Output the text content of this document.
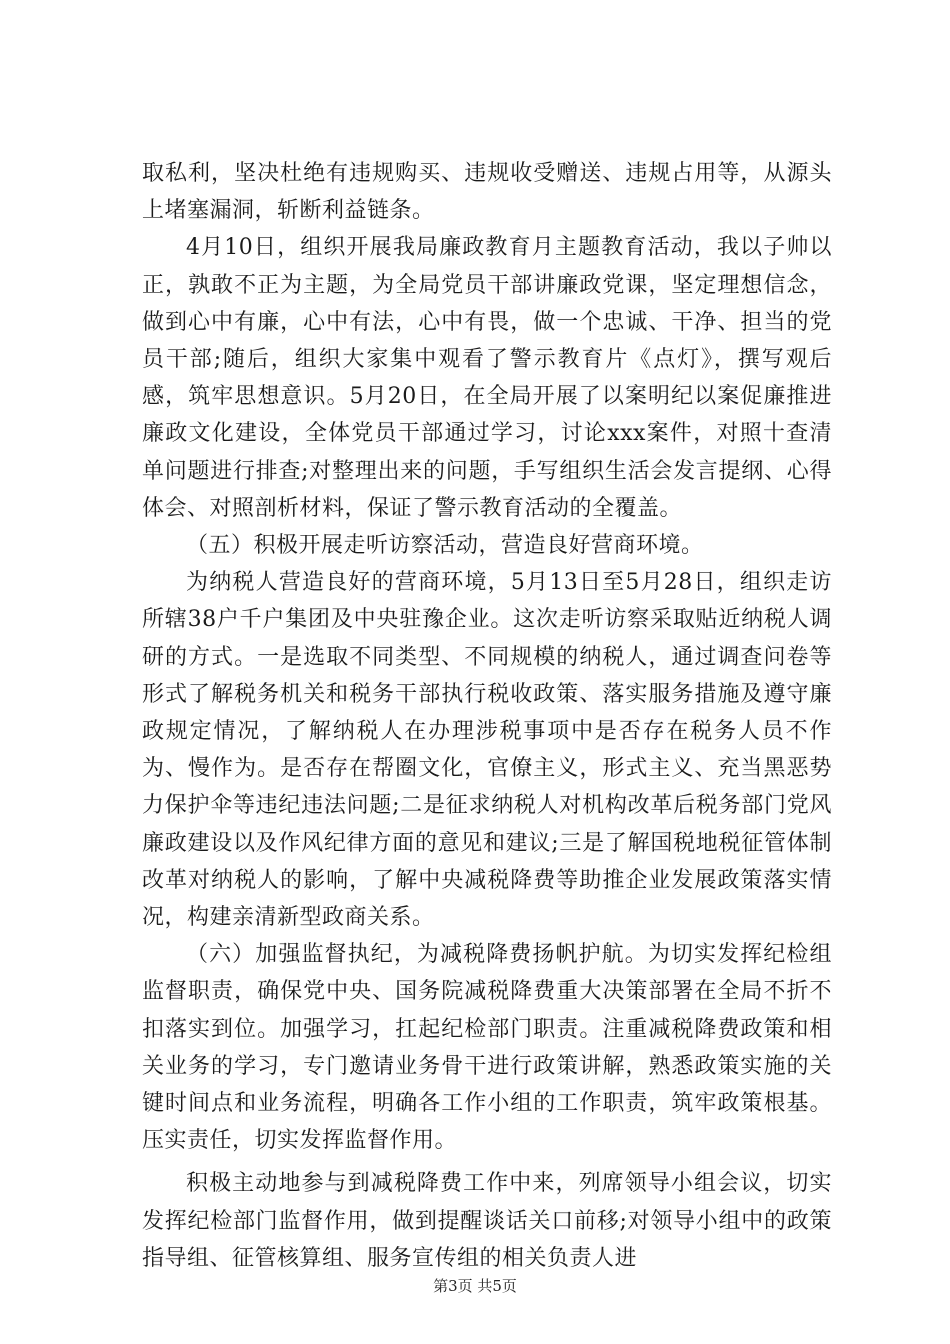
取私利，坚决杜绝有违规购买、违规收受赠送、违规占用等，从源头上堵塞漏洞，斩断利益链条。

4月10日，组织开展我局廉政教育月主题教育活动，我以子帅以正，孰敢不正为主题，为全局党员干部讲廉政党课，坚定理想信念，做到心中有廉，心中有法，心中有畏，做一个忠诚、干净、担当的党员干部;随后，组织大家集中观看了警示教育片《点灯》，撰写观后感，筑牢思想意识。5月20日，在全局开展了以案明纪以案促廉推进廉政文化建设，全体党员干部通过学习，讨论xxx案件，对照十查清单问题进行排查;对整理出来的问题，手写组织生活会发言提纲、心得体会、对照剖析材料，保证了警示教育活动的全覆盖。

（五）积极开展走听访察活动，营造良好营商环境。

为纳税人营造良好的营商环境，5月13日至5月28日，组织走访所辖38户千户集团及中央驻豫企业。这次走听访察采取贴近纳税人调研的方式。一是选取不同类型、不同规模的纳税人，通过调查问卷等形式了解税务机关和税务干部执行税收政策、落实服务措施及遵守廉政规定情况，了解纳税人在办理涉税事项中是否存在税务人员不作为、慢作为。是否存在帮圈文化，官僚主义，形式主义、充当黑恶势力保护伞等违纪违法问题;二是征求纳税人对机构改革后税务部门党风廉政建设以及作风纪律方面的意见和建议;三是了解国税地税征管体制改革对纳税人的影响，了解中央减税降费等助推企业发展政策落实情况，构建亲清新型政商关系。

（六）加强监督执纪，为减税降费扬帆护航。为切实发挥纪检组监督职责，确保党中央、国务院减税降费重大决策部署在全局不折不扣落实到位。加强学习，扛起纪检部门职责。注重减税降费政策和相关业务的学习，专门邀请业务骨干进行政策讲解，熟悉政策实施的关键时间点和业务流程，明确各工作小组的工作职责，筑牢政策根基。压实责任，切实发挥监督作用。

积极主动地参与到减税降费工作中来，列席领导小组会议，切实发挥纪检部门监督作用，做到提醒谈话关口前移;对领导小组中的政策指导组、征管核算组、服务宣传组的相关负责人进

第3页 共5页
